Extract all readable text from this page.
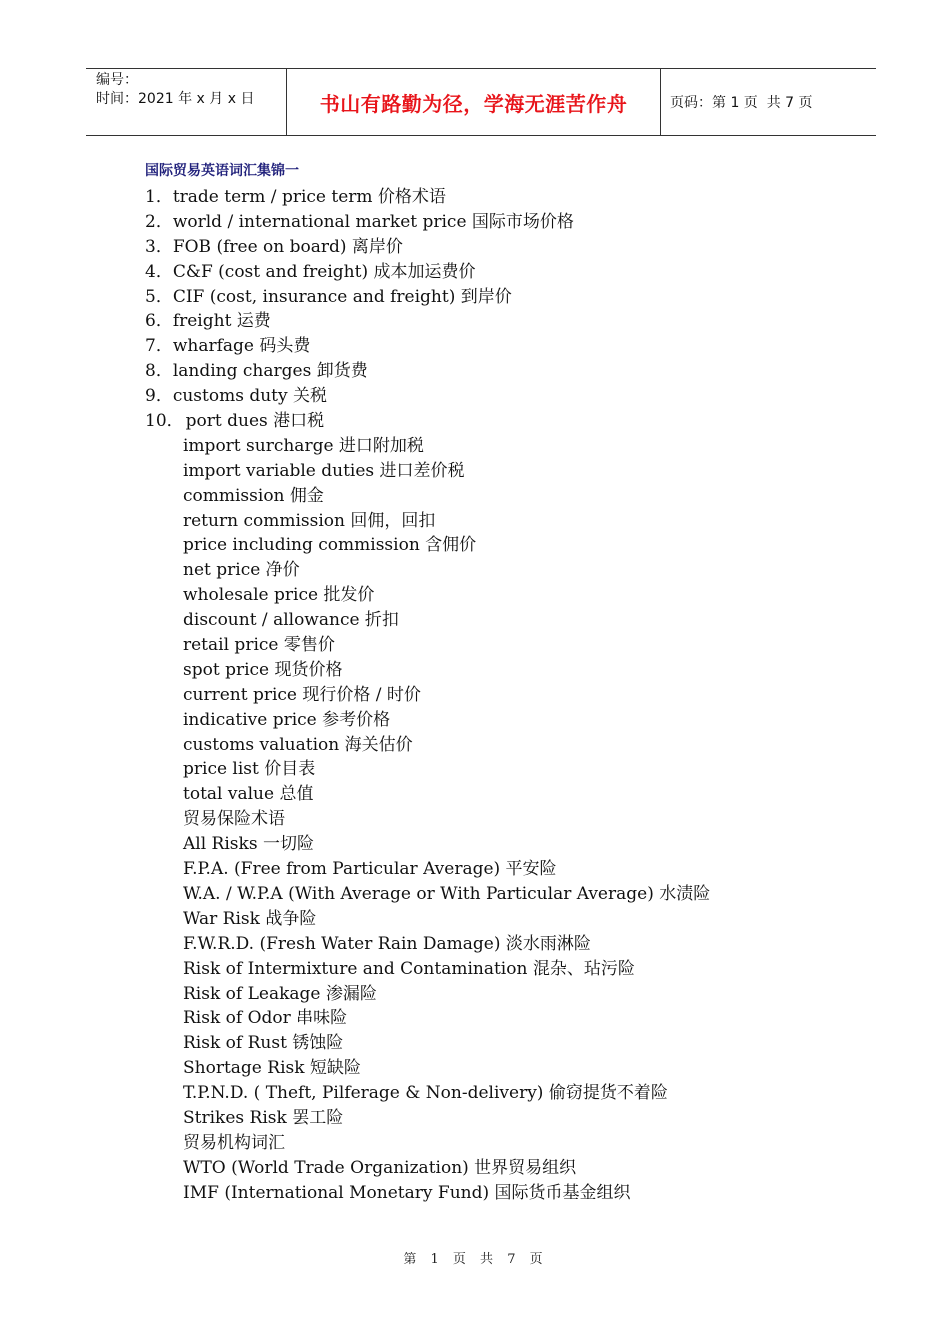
编号：
时间：2021 年 x 月 x 日	书山有路勤为径，学海无涯苦作舟	页码：第 1 页  共 7 页
国际贸易英语词汇集锦一
1． trade term / price term 价格术语
2． world / international market price 国际市场价格
3． FOB (free on board) 离岸价
4． C&F (cost and freight) 成本加运费价
5． CIF (cost, insurance and freight) 到岸价
6． freight 运费
7． wharfage 码头费
8． landing charges 卸货费
9． customs duty 关税
10． port dues 港口税
import surcharge 进口附加税
import variable duties 进口差价税
commission 佣金
return commission 回佣，回扣
price including commission 含佣价
net price 净价
wholesale price 批发价
discount / allowance 折扣
retail price 零售价
spot price 现货价格
current price 现行价格 / 时价
indicative price 参考价格
customs valuation 海关估价
price list 价目表
total value 总值
贸易保险术语
All Risks 一切险
F.P.A. (Free from Particular Average) 平安险
W.A. / W.P.A (With Average or With Particular Average) 水渍险
War Risk 战争险
F.W.R.D. (Fresh Water Rain Damage) 淡水雨淋险
Risk of Intermixture and Contamination 混杂、玷污险
Risk of Leakage 渗漏险
Risk of Odor 串味险
Risk of Rust 锈蚀险
Shortage Risk 短缺险
T.P.N.D. ( Theft, Pilferage & Non-delivery) 偷窃提货不着险
Strikes Risk 罢工险
贸易机构词汇
WTO (World Trade Organization) 世界贸易组织
IMF (International Monetary Fund) 国际货币基金组织
第 1 页 共 7 页
